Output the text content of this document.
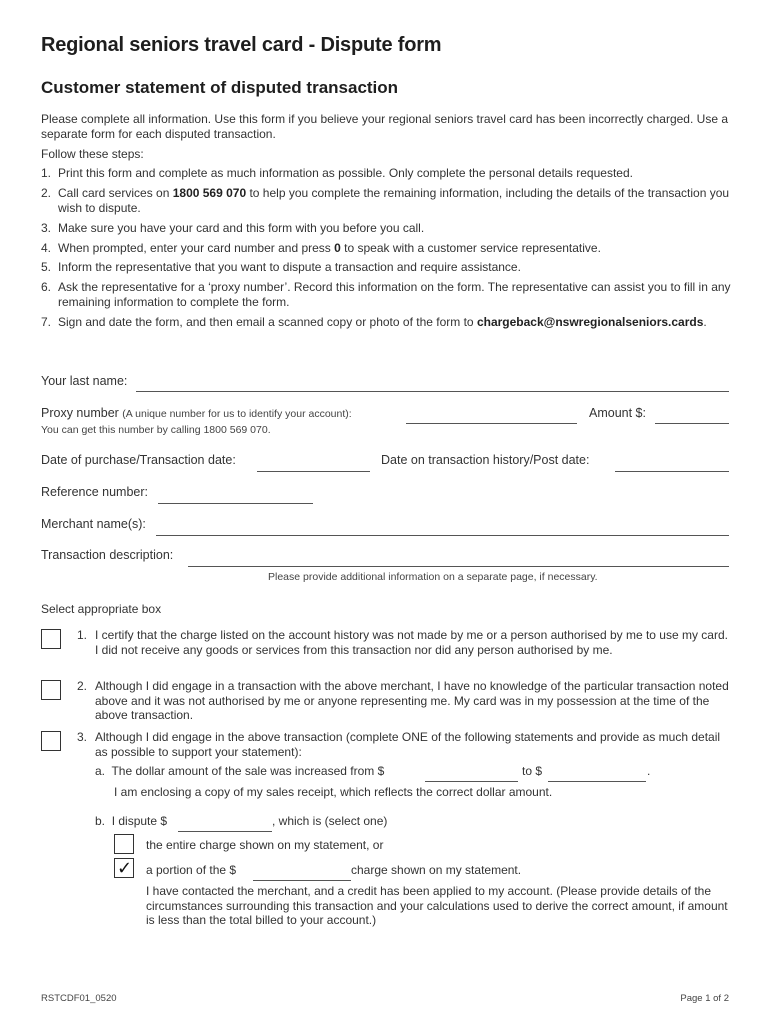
Regional seniors travel card - Dispute form
Customer statement of disputed transaction
Please complete all information. Use this form if you believe your regional seniors travel card has been incorrectly charged. Use a separate form for each disputed transaction.
Follow these steps:
1. Print this form and complete as much information as possible. Only complete the personal details requested.
2. Call card services on 1800 569 070 to help you complete the remaining information, including the details of the transaction you wish to dispute.
3. Make sure you have your card and this form with you before you call.
4. When prompted, enter your card number and press 0 to speak with a customer service representative.
5. Inform the representative that you want to dispute a transaction and require assistance.
6. Ask the representative for a ‘proxy number’. Record this information on the form. The representative can assist you to fill in any remaining information to complete the form.
7. Sign and date the form, and then email a scanned copy or photo of the form to chargeback@nswregionalseniors.cards.
Your last name:
Proxy number (A unique number for us to identify your account):	Amount $:
You can get this number by calling 1800 569 070.
Date of purchase/Transaction date:	Date on transaction history/Post date:
Reference number:
Merchant name(s):
Transaction description:
Please provide additional information on a separate page, if necessary.
Select appropriate box
1. I certify that the charge listed on the account history was not made by me or a person authorised by me to use my card. I did not receive any goods or services from this transaction nor did any person authorised by me.
2. Although I did engage in a transaction with the above merchant, I have no knowledge of the particular transaction noted above and it was not authorised by me or anyone representing me. My card was in my possession at the time of the above transaction.
3. Although I did engage in the above transaction (complete ONE of the following statements and provide as much detail as possible to support your statement):
a. The dollar amount of the sale was increased from $	to $	.
I am enclosing a copy of my sales receipt, which reflects the correct dollar amount.
b. I dispute $	, which is (select one)
the entire charge shown on my statement, or
✓ a portion of the $	charge shown on my statement.
I have contacted the merchant, and a credit has been applied to my account. (Please provide details of the circumstances surrounding this transaction and your calculations used to derive the correct amount, if amount is less than the total billed to your account.)
RSTCDF01_0520	Page 1 of 2
